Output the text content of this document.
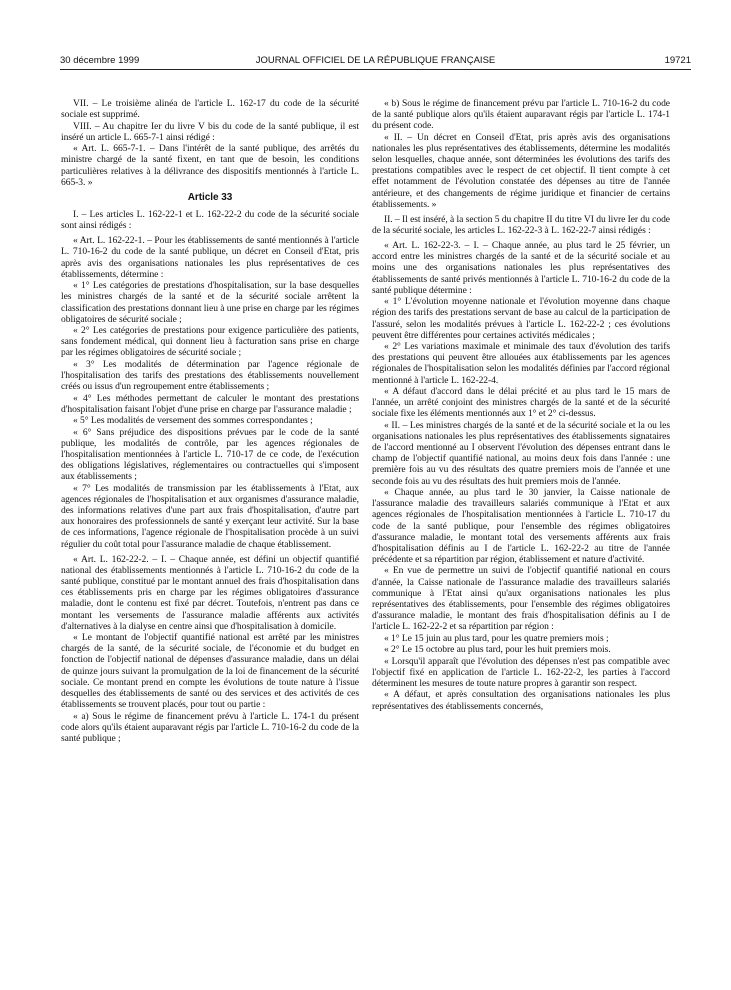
30 décembre 1999	JOURNAL OFFICIEL DE LA RÉPUBLIQUE FRANÇAISE	19721

VII. – Le troisième alinéa de l'article L. 162-17 du code de la sécurité sociale est supprimé.

VIII. – Au chapitre Ier du livre V bis du code de la santé publique, il est inséré un article L. 665-7-1 ainsi rédigé :

« Art. L. 665-7-1. – Dans l'intérêt de la santé publique, des arrêtés du ministre chargé de la santé fixent, en tant que de besoin, les conditions particulières relatives à la délivrance des dispositifs mentionnés à l'article L. 665-3. »

Article 33

I. – Les articles L. 162-22-1 et L. 162-22-2 du code de la sécurité sociale sont ainsi rédigés :

« Art. L. 162-22-1. – Pour les établissements de santé mentionnés à l'article L. 710-16-2 du code de la santé publique, un décret en Conseil d'Etat, pris après avis des organisations nationales les plus représentatives de ces établissements, détermine :

« 1° Les catégories de prestations d'hospitalisation, sur la base desquelles les ministres chargés de la santé et de la sécurité sociale arrêtent la classification des prestations donnant lieu à une prise en charge par les régimes obligatoires de sécurité sociale ;

« 2° Les catégories de prestations pour exigence particulière des patients, sans fondement médical, qui donnent lieu à facturation sans prise en charge par les régimes obligatoires de sécurité sociale ;

« 3° Les modalités de détermination par l'agence régionale de l'hospitalisation des tarifs des prestations des établissements nouvellement créés ou issus d'un regroupement entre établissements ;

« 4° Les méthodes permettant de calculer le montant des prestations d'hospitalisation faisant l'objet d'une prise en charge par l'assurance maladie ;

« 5° Les modalités de versement des sommes correspondantes ;

« 6° Sans préjudice des dispositions prévues par le code de la santé publique, les modalités de contrôle, par les agences régionales de l'hospitalisation mentionnées à l'article L. 710-17 de ce code, de l'exécution des obligations législatives, réglementaires ou contractuelles qui s'imposent aux établissements ;

« 7° Les modalités de transmission par les établissements à l'Etat, aux agences régionales de l'hospitalisation et aux organismes d'assurance maladie, des informations relatives d'une part aux frais d'hospitalisation, d'autre part aux honoraires des professionnels de santé y exerçant leur activité. Sur la base de ces informations, l'agence régionale de l'hospitalisation procède à un suivi régulier du coût total pour l'assurance maladie de chaque établissement.

« Art. L. 162-22-2. – I. – Chaque année, est défini un objectif quantifié national des établissements mentionnés à l'article L. 710-16-2 du code de la santé publique, constitué par le montant annuel des frais d'hospitalisation dans ces établissements pris en charge par les régimes obligatoires d'assurance maladie, dont le contenu est fixé par décret. Toutefois, n'entrent pas dans ce montant les versements de l'assurance maladie afférents aux activités d'alternatives à la dialyse en centre ainsi que d'hospitalisation à domicile.

« Le montant de l'objectif quantifié national est arrêté par les ministres chargés de la santé, de la sécurité sociale, de l'économie et du budget en fonction de l'objectif national de dépenses d'assurance maladie, dans un délai de quinze jours suivant la promulgation de la loi de financement de la sécurité sociale. Ce montant prend en compte les évolutions de toute nature à l'issue desquelles des établissements de santé ou des services et des activités de ces établissements se trouvent placés, pour tout ou partie :

« a) Sous le régime de financement prévu à l'article L. 174-1 du présent code alors qu'ils étaient auparavant régis par l'article L. 710-16-2 du code de la santé publique ;

« b) Sous le régime de financement prévu par l'article L. 710-16-2 du code de la santé publique alors qu'ils étaient auparavant régis par l'article L. 174-1 du présent code.

« II. – Un décret en Conseil d'Etat, pris après avis des organisations nationales les plus représentatives des établissements, détermine les modalités selon lesquelles, chaque année, sont déterminées les évolutions des tarifs des prestations compatibles avec le respect de cet objectif. Il tient compte à cet effet notamment de l'évolution constatée des dépenses au titre de l'année antérieure, et des changements de régime juridique et financier de certains établissements. »

II. – Il est inséré, à la section 5 du chapitre II du titre VI du livre Ier du code de la sécurité sociale, les articles L. 162-22-3 à L. 162-22-7 ainsi rédigés :

« Art. L. 162-22-3. – I. – Chaque année, au plus tard le 25 février, un accord entre les ministres chargés de la santé et de la sécurité sociale et au moins une des organisations nationales les plus représentatives des établissements de santé privés mentionnés à l'article L. 710-16-2 du code de la santé publique détermine :

« 1° L'évolution moyenne nationale et l'évolution moyenne dans chaque région des tarifs des prestations servant de base au calcul de la participation de l'assuré, selon les modalités prévues à l'article L. 162-22-2 ; ces évolutions peuvent être différentes pour certaines activités médicales ;

« 2° Les variations maximale et minimale des taux d'évolution des tarifs des prestations qui peuvent être allouées aux établissements par les agences régionales de l'hospitalisation selon les modalités définies par l'accord régional mentionné à l'article L. 162-22-4.

« A défaut d'accord dans le délai précité et au plus tard le 15 mars de l'année, un arrêté conjoint des ministres chargés de la santé et de la sécurité sociale fixe les éléments mentionnés aux 1° et 2° ci-dessus.

« II. – Les ministres chargés de la santé et de la sécurité sociale et la ou les organisations nationales les plus représentatives des établissements signataires de l'accord mentionné au I observent l'évolution des dépenses entrant dans le champ de l'objectif quantifié national, au moins deux fois dans l'année : une première fois au vu des résultats des quatre premiers mois de l'année et une seconde fois au vu des résultats des huit premiers mois de l'année.

« Chaque année, au plus tard le 30 janvier, la Caisse nationale de l'assurance maladie des travailleurs salariés communique à l'Etat et aux agences régionales de l'hospitalisation mentionnées à l'article L. 710-17 du code de la santé publique, pour l'ensemble des régimes obligatoires d'assurance maladie, le montant total des versements afférents aux frais d'hospitalisation définis au I de l'article L. 162-22-2 au titre de l'année précédente et sa répartition par région, établissement et nature d'activité.

« En vue de permettre un suivi de l'objectif quantifié national en cours d'année, la Caisse nationale de l'assurance maladie des travailleurs salariés communique à l'Etat ainsi qu'aux organisations nationales les plus représentatives des établissements, pour l'ensemble des régimes obligatoires d'assurance maladie, le montant des frais d'hospitalisation définis au I de l'article L. 162-22-2 et sa répartition par région :

« 1° Le 15 juin au plus tard, pour les quatre premiers mois ;

« 2° Le 15 octobre au plus tard, pour les huit premiers mois.

« Lorsqu'il apparaît que l'évolution des dépenses n'est pas compatible avec l'objectif fixé en application de l'article L. 162-22-2, les parties à l'accord déterminent les mesures de toute nature propres à garantir son respect.

« A défaut, et après consultation des organisations nationales les plus représentatives des établissements concernés,
